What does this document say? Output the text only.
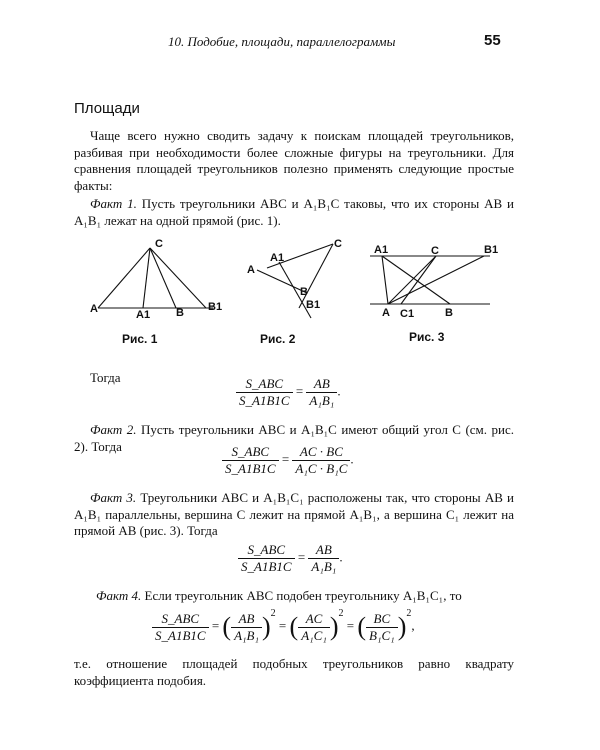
10. Подобие, площади, параллелограммы	55
Площади
Чаще всего нужно сводить задачу к поискам площадей треугольников, разбивая при необходимости более сложные фигуры на треугольники. Для сравнения площадей треугольников полезно применять следующие простые факты:
Факт 1. Пусть треугольники ABC и A₁B₁C таковы, что их стороны AB и A₁B₁ лежат на одной прямой (рис. 1).
A	A1 B B1
C
Рис. 1
A
A1
B
B1
C
Рис. 2
A1	C	B1
A C1	B
Рис. 3
Тогда	$\frac{\text{S\_ABC}}{S\_A1B1C} = \frac{AB}{\text{A₁B₁}}$ .
Факт 2. Пусть треугольники ABC и A₁B₁C имеют общий угол C (см. рис. 2). Тогда	$\frac{\text{S\_ABC}}{S\_A1B1C} = \frac{AC \cdot BC}{\text{A₁C · B₁C}}$ .
Факт 3. Треугольники ABC и A₁B₁C₁ расположены так, что стороны AB и A₁B₁ параллельны, вершина C лежит на прямой A₁B₁, а вершина C₁ лежит на прямой AB (рис. 3). Тогда
$\frac{\text{S\_ABC}}{S\_A1B1C} = \frac{AB}{\text{A₁B₁}}$ .
Факт 4. Если треугольник ABC подобен треугольнику A₁B₁C₁, то
$\frac{\text{S\_ABC}}{S\_A1B1C}$ = ( $\frac{AB}{\text{A₁B₁}} )^2$ = ( $\frac{AC}{\text{A₁C₁}} )^2$ = ( $\frac{BC}{\text{B₁C₁}} )^2$,
т.е. отношение площадей подобных треугольников равно квадрату коэффициента подобия.
